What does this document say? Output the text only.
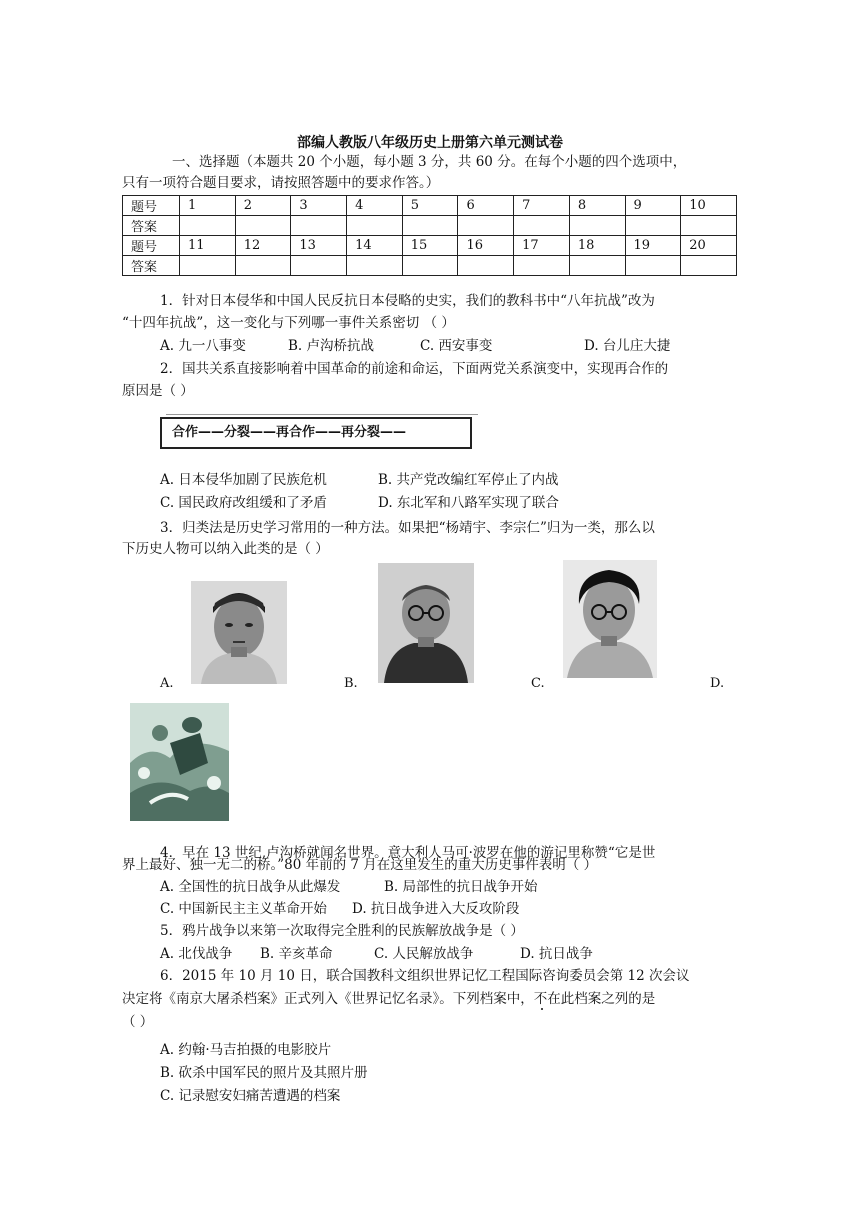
部编人教版八年级历史上册第六单元测试卷
一、选择题（本题共 20 个小题，每小题 3 分，共 60 分。在每个小题的四个选项中，
只有一项符合题目要求，请按照答题中的要求作答。）
题号	1	2	3	4	5	6	7	8	9	10
答案										
题号	11	12	13	14	15	16	17	18	19	20
答案										
1．针对日本侵华和中国人民反抗日本侵略的史实，我们的教科书中“八年抗战”改为
“十四年抗战”，这一变化与下列哪一事件关系密切 （ ）
A. 九一八事变	B. 卢沟桥抗战	C. 西安事变	D. 台儿庄大捷
2．国共关系直接影响着中国革命的前途和命运，下面两党关系演变中，实现再合作的
原因是（ ）
合作——分裂——再合作——再分裂——
A. 日本侵华加剧了民族危机	B. 共产党改编红军停止了内战
C. 国民政府改组缓和了矛盾	D. 东北军和八路军实现了联合
3．归类法是历史学习常用的一种方法。如果把“杨靖宇、李宗仁”归为一类，那么以
下历史人物可以纳入此类的是（ ）
A.	B.	C.	D.
4．早在 13 世纪,卢沟桥就闻名世界。意大利人马可·波罗在他的游记里称赞“它是世
界上最好、独一无二的桥。”80 年前的 7 月在这里发生的重大历史事件表明（ ）
A. 全国性的抗日战争从此爆发	B. 局部性的抗日战争开始
C. 中国新民主主义革命开始 D. 抗日战争进入大反攻阶段
5．鸦片战争以来第一次取得完全胜利的民族解放战争是（ ）
A. 北伐战争 B. 辛亥革命	C. 人民解放战争	D. 抗日战争
6．2015 年 10 月 10 日，联合国教科文组织世界记忆工程国际咨询委员会第 12 次会议
决定将《南京大屠杀档案》正式列入《世界记忆名录》。下列档案中，不在此档案之列的是
（ ）
A. 约翰·马吉拍摄的电影胶片
B. 砍杀中国军民的照片及其照片册
C. 记录慰安妇痛苦遭遇的档案
